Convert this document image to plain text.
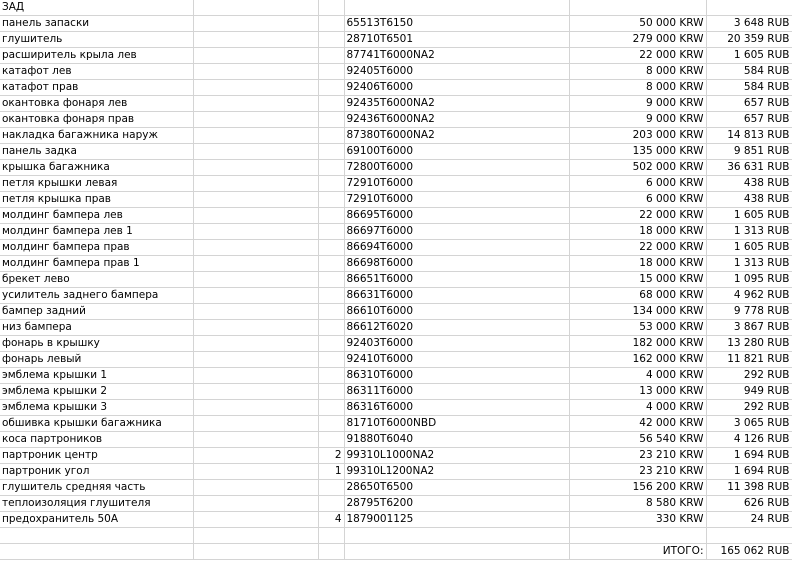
ЗАД					
панель запаски			65513T6150	50 000 KRW	3 648 RUB
глушитель			28710T6501	279 000 KRW	20 359 RUB
расширитель крыла лев			87741T6000NA2	22 000 KRW	1 605 RUB
катафот лев			92405T6000	8 000 KRW	584 RUB
катафот прав			92406T6000	8 000 KRW	584 RUB
окантовка фонаря лев			92435T6000NA2	9 000 KRW	657 RUB
окантовка фонаря прав			92436T6000NA2	9 000 KRW	657 RUB
накладка багажника наруж			87380T6000NA2	203 000 KRW	14 813 RUB
панель задка			69100T6000	135 000 KRW	9 851 RUB
крышка багажника			72800T6000	502 000 KRW	36 631 RUB
петля крышки левая			72910T6000	6 000 KRW	438 RUB
петля крышка прав			72910T6000	6 000 KRW	438 RUB
молдинг бампера лев			86695T6000	22 000 KRW	1 605 RUB
молдинг бампера лев 1			86697T6000	18 000 KRW	1 313 RUB
молдинг бампера прав			86694T6000	22 000 KRW	1 605 RUB
молдинг бампера прав 1			86698T6000	18 000 KRW	1 313 RUB
брекет лево			86651T6000	15 000 KRW	1 095 RUB
усилитель заднего бампера			86631T6000	68 000 KRW	4 962 RUB
бампер задний			86610T6000	134 000 KRW	9 778 RUB
низ бампера			86612T6020	53 000 KRW	3 867 RUB
фонарь в крышку			92403T6000	182 000 KRW	13 280 RUB
фонарь левый			92410T6000	162 000 KRW	11 821 RUB
эмблема крышки 1			86310T6000	4 000 KRW	292 RUB
эмблема крышки 2			86311T6000	13 000 KRW	949 RUB
эмблема крышки 3			86316T6000	4 000 KRW	292 RUB
обшивка крышки багажника			81710T6000NBD	42 000 KRW	3 065 RUB
коса партроников			91880T6040	56 540 KRW	4 126 RUB
партроник центр		2	99310L1000NA2	23 210 KRW	1 694 RUB
партроник угол		1	99310L1200NA2	23 210 KRW	1 694 RUB
глушитель средняя часть			28650T6500	156 200 KRW	11 398 RUB
теплоизоляция глушителя			28795T6200	8 580 KRW	626 RUB
предохранитель 50A		4	1879001125	330 KRW	24 RUB

				ИТОГО:	165 062 RUB
